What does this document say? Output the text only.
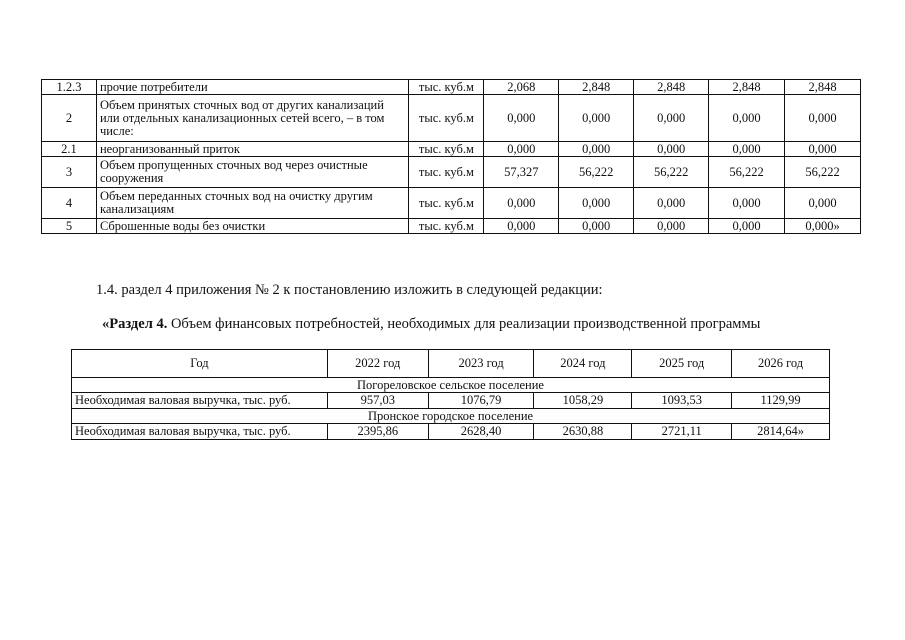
1.2.3	прочие потребители	тыс. куб.м	2,068	2,848	2,848	2,848	2,848
2	Объем принятых сточных вод от других канализаций или отдельных канализационных сетей всего, – в том числе:	тыс. куб.м	0,000	0,000	0,000	0,000	0,000
2.1	неорганизованный приток	тыс. куб.м	0,000	0,000	0,000	0,000	0,000
3	Объем пропущенных сточных вод через очистные сооружения	тыс. куб.м	57,327	56,222	56,222	56,222	56,222
4	Объем переданных сточных вод на очистку другим канализациям	тыс. куб.м	0,000	0,000	0,000	0,000	0,000
5	Сброшенные воды без очистки	тыс. куб.м	0,000	0,000	0,000	0,000	0,000»
1.4. раздел 4 приложения № 2 к постановлению изложить в следующей редакции:
«Раздел 4. Объем финансовых потребностей, необходимых для реализации производственной программы
Год	2022 год	2023 год	2024 год	2025 год	2026 год
Погореловское сельское поселение					
Необходимая валовая выручка, тыс. руб.	957,03	1076,79	1058,29	1093,53	1129,99
Пронское городское поселение					
Необходимая валовая выручка, тыс. руб.	2395,86	2628,40	2630,88	2721,11	2814,64»
